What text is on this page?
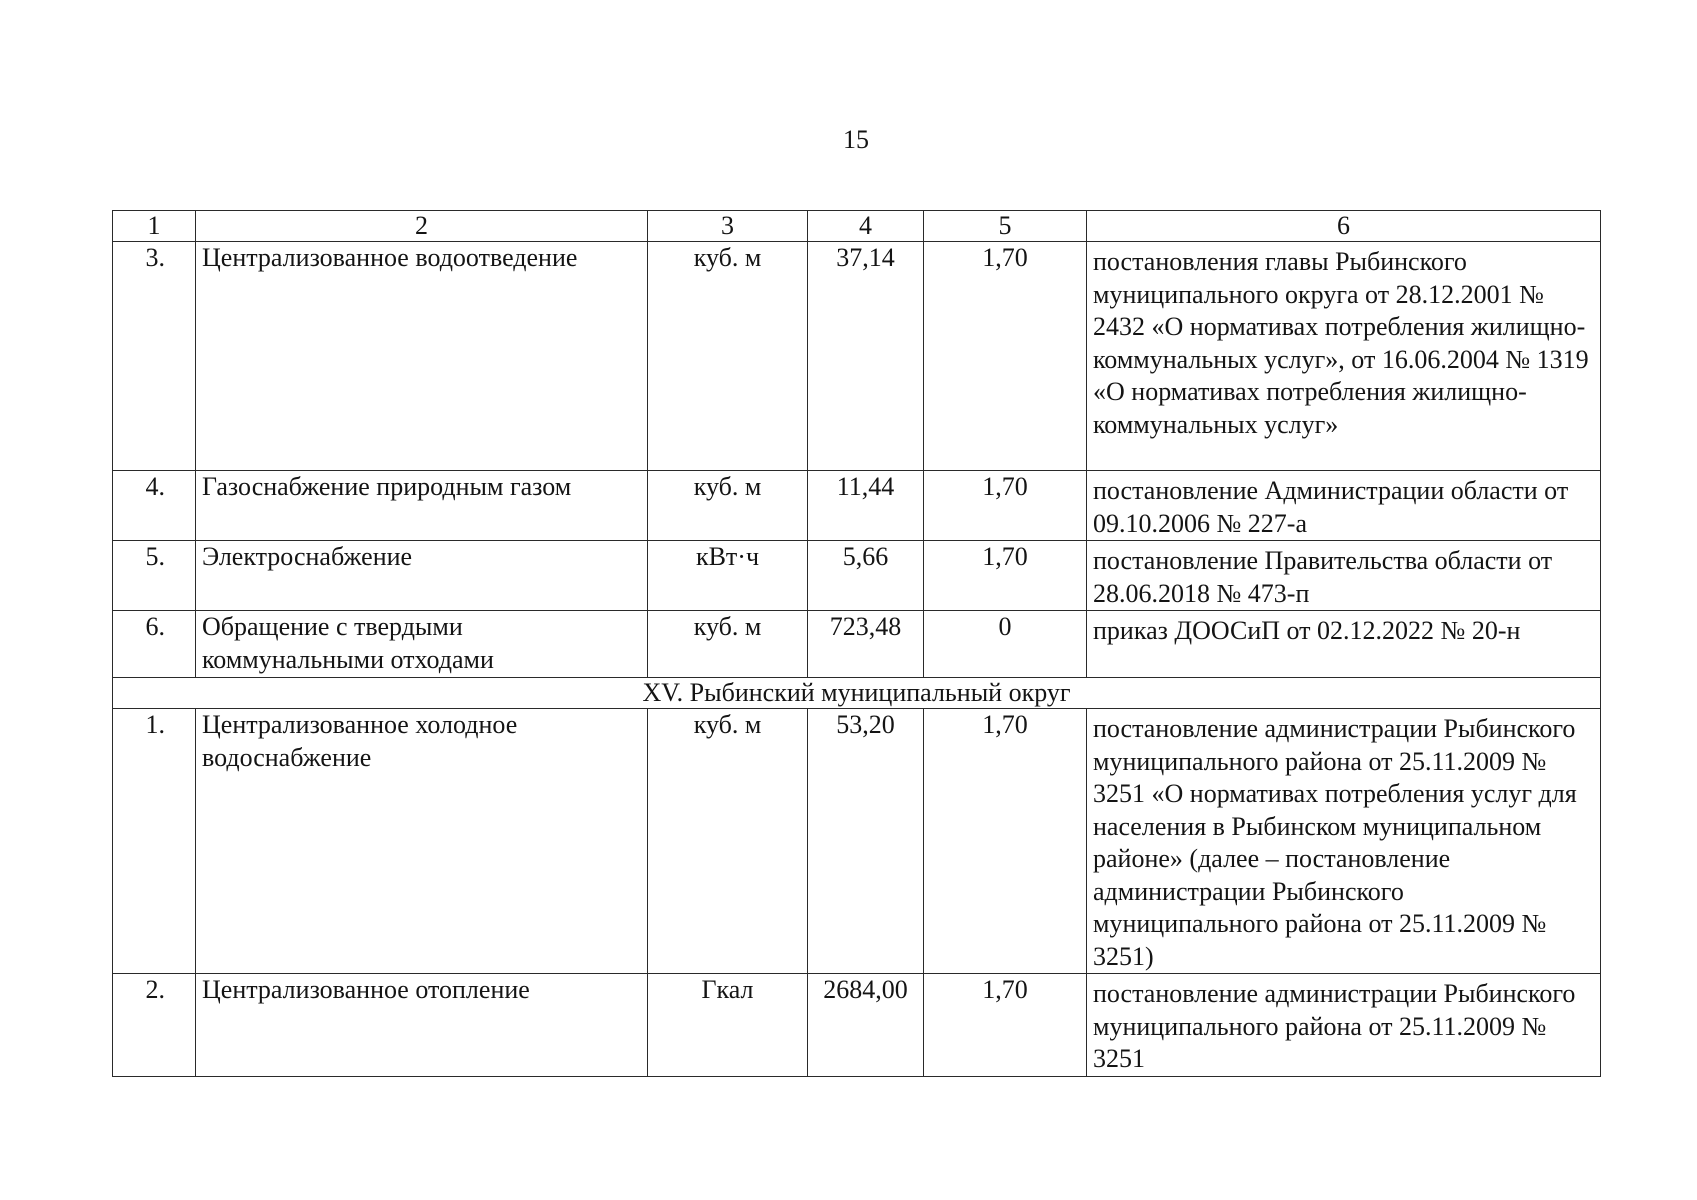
15
1	2	3	4	5	6
3.	Централизованное водоотведение	куб. м	37,14	1,70	постановления главы Рыбинского муниципального округа от 28.12.2001 № 2432 «О нормативах потребления жилищно-коммунальных услуг», от 16.06.2004 № 1319 «О нормативах потребления жилищно-коммунальных услуг»

4.	Газоснабжение природным газом	куб. м	11,44	1,70	постановление Администрации области от 09.10.2006 № 227-а

5.	Электроснабжение	кВт·ч	5,66	1,70	постановление Правительства области от 28.06.2018 № 473-п

6.	Обращение с твердыми коммунальными отходами	куб. м	723,48	0	приказ ДООСиП от 02.12.2022 № 20-н

XV. Рыбинский муниципальный округ					
1.	Централизованное холодное водоснабжение	куб. м	53,20	1,70	постановление администрации Рыбинского муниципального района от 25.11.2009 № 3251 «О нормативах потребления услуг для населения в Рыбинском муниципальном районе» (далее – постановление администрации Рыбинского муниципального района от 25.11.2009 № 3251)

2.	Централизованное отопление	Гкал	2684,00	1,70	постановление администрации Рыбинского муниципального района от 25.11.2009 № 3251
